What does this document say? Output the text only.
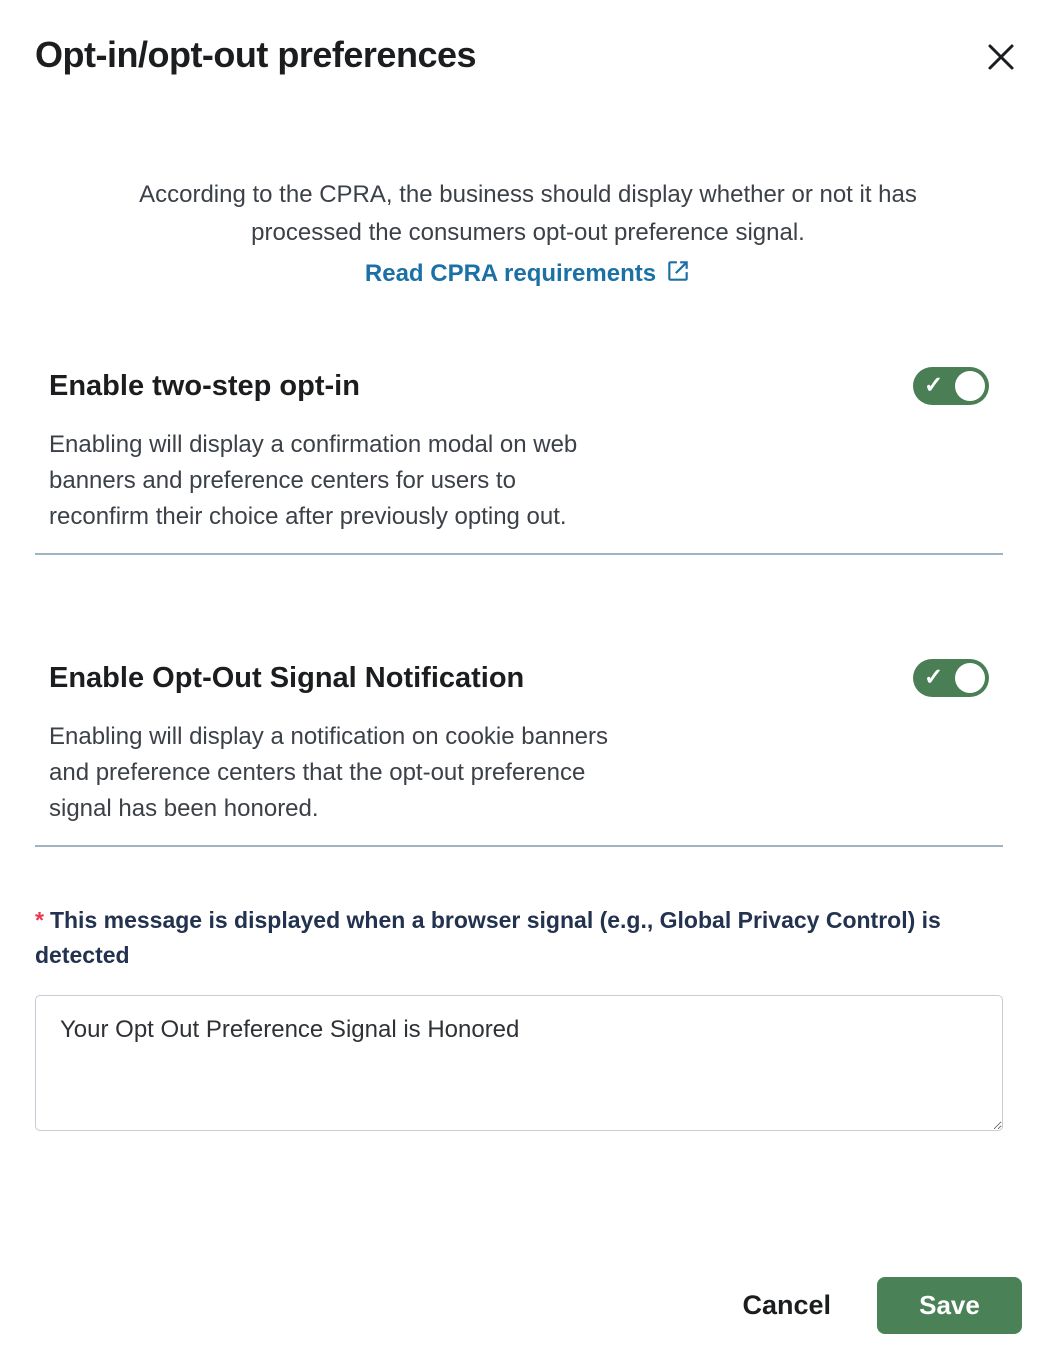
Opt-in/opt-out preferences

According to the CPRA, the business should display whether or not it has processed the consumers opt-out preference signal.

Read CPRA requirements
Enable two-step opt-in	✓

Enabling will display a confirmation modal on web banners and preference centers for users to reconfirm their choice after previously opting out.

Enable Opt-Out Signal Notification	✓

Enabling will display a notification on cookie banners and preference centers that the opt-out preference signal has been honored.

* This message is displayed when a browser signal (e.g., Global Privacy Control) is detected

Your Opt Out Preference Signal is Honored
Cancel	Save
